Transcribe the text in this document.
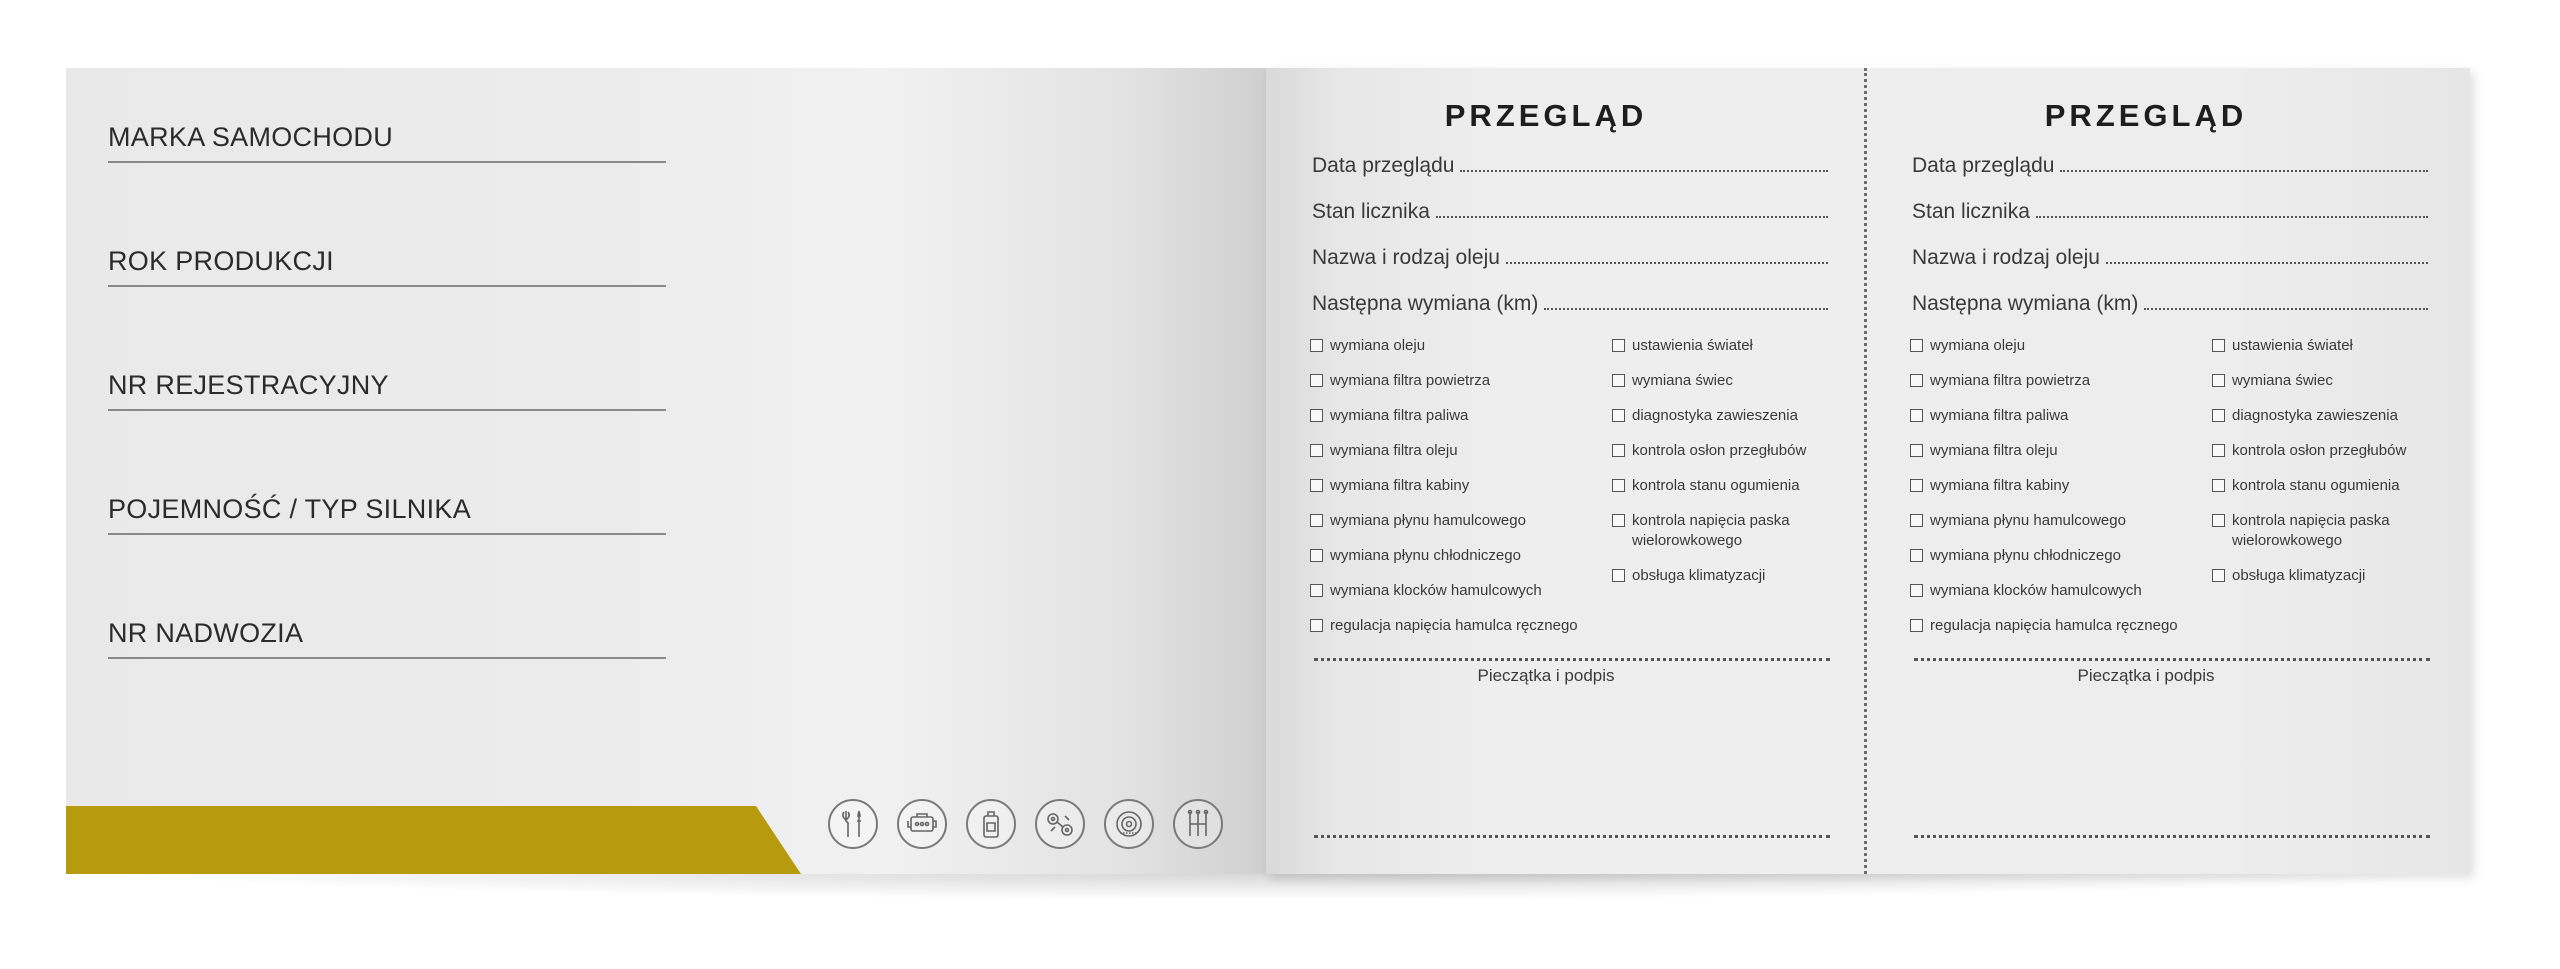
MARKA SAMOCHODU
ROK PRODUKCJI
NR REJESTRACYJNY
POJEMNOŚĆ / TYP SILNIKA
NR NADWOZIA
PRZEGLĄD
Data przeglądu
Stan licznika
Nazwa i rodzaj oleju
Następna wymiana (km)
wymiana oleju
wymiana filtra powietrza
wymiana filtra paliwa
wymiana filtra oleju
wymiana filtra kabiny
wymiana płynu hamulcowego
wymiana płynu chłodniczego
wymiana klocków hamulcowych
regulacja napięcia hamulca ręcznego
ustawienia świateł
wymiana świec
diagnostyka zawieszenia
kontrola osłon przegłubów
kontrola stanu ogumienia
kontrola napięcia paska wielorowkowego
obsługa klimatyzacji
Pieczątka i podpis
PRZEGLĄD
Data przeglądu
Stan licznika
Nazwa i rodzaj oleju
Następna wymiana (km)
wymiana oleju
wymiana filtra powietrza
wymiana filtra paliwa
wymiana filtra oleju
wymiana filtra kabiny
wymiana płynu hamulcowego
wymiana płynu chłodniczego
wymiana klocków hamulcowych
regulacja napięcia hamulca ręcznego
ustawienia świateł
wymiana świec
diagnostyka zawieszenia
kontrola osłon przegłubów
kontrola stanu ogumienia
kontrola napięcia paska wielorowkowego
obsługa klimatyzacji
Pieczątka i podpis
